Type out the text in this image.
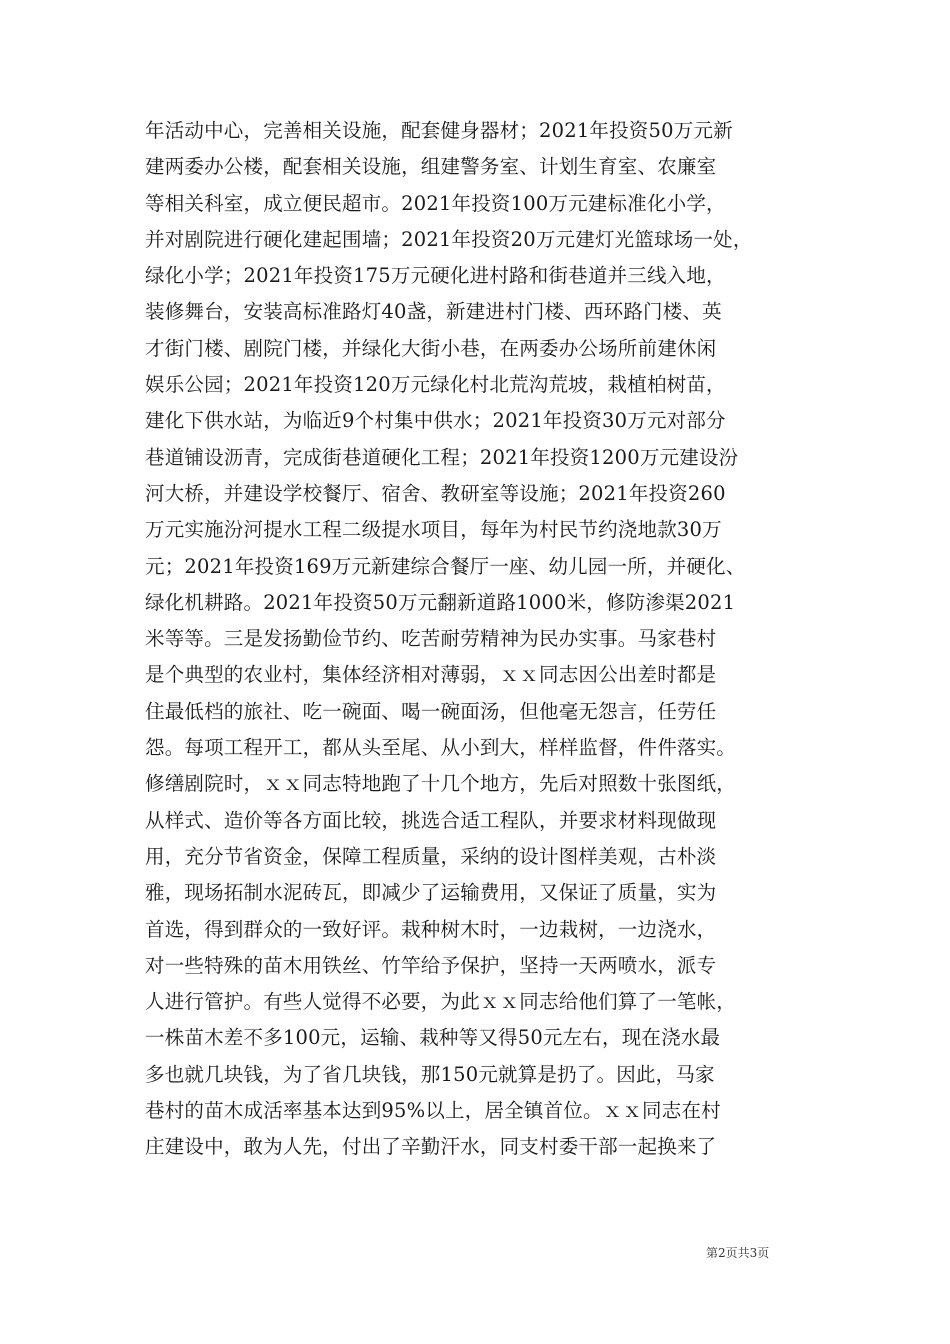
年活动中心，完善相关设施，配套健身器材；2021年投资50万元新
建两委办公楼，配套相关设施，组建警务室、计划生育室、农廉室
等相关科室，成立便民超市。2021年投资100万元建标准化小学，
并对剧院进行硬化建起围墙；2021年投资20万元建灯光篮球场一处，
绿化小学；2021年投资175万元硬化进村路和街巷道并三线入地，
装修舞台，安装高标准路灯40盏，新建进村门楼、西环路门楼、英
才街门楼、剧院门楼，并绿化大街小巷，在两委办公场所前建休闲
娱乐公园；2021年投资120万元绿化村北荒沟荒坡，栽植柏树苗，
建化下供水站，为临近9个村集中供水；2021年投资30万元对部分
巷道铺设沥青，完成街巷道硬化工程；2021年投资1200万元建设汾
河大桥，并建设学校餐厅、宿舍、教研室等设施；2021年投资260
万元实施汾河提水工程二级提水项目，每年为村民节约浇地款30万
元；2021年投资169万元新建综合餐厅一座、幼儿园一所，并硬化、
绿化机耕路。2021年投资50万元翻新道路1000米，修防渗渠2021
米等等。三是发扬勤俭节约、吃苦耐劳精神为民办实事。马家巷村
是个典型的农业村，集体经济相对薄弱，ｘｘ同志因公出差时都是
住最低档的旅社、吃一碗面、喝一碗面汤，但他毫无怨言，任劳任
怨。每项工程开工，都从头至尾、从小到大，样样监督，件件落实。
修缮剧院时，ｘｘ同志特地跑了十几个地方，先后对照数十张图纸，
从样式、造价等各方面比较，挑选合适工程队，并要求材料现做现
用，充分节省资金，保障工程质量，采纳的设计图样美观，古朴淡
雅，现场拓制水泥砖瓦，即减少了运输费用，又保证了质量，实为
首选，得到群众的一致好评。栽种树木时，一边栽树，一边浇水，
对一些特殊的苗木用铁丝、竹竿给予保护，坚持一天两喷水，派专
人进行管护。有些人觉得不必要，为此ｘｘ同志给他们算了一笔帐，
一株苗木差不多100元，运输、栽种等又得50元左右，现在浇水最
多也就几块钱，为了省几块钱，那150元就算是扔了。因此，马家
巷村的苗木成活率基本达到95%以上，居全镇首位。ｘｘ同志在村
庄建设中，敢为人先，付出了辛勤汗水，同支村委干部一起换来了
第2页共3页
